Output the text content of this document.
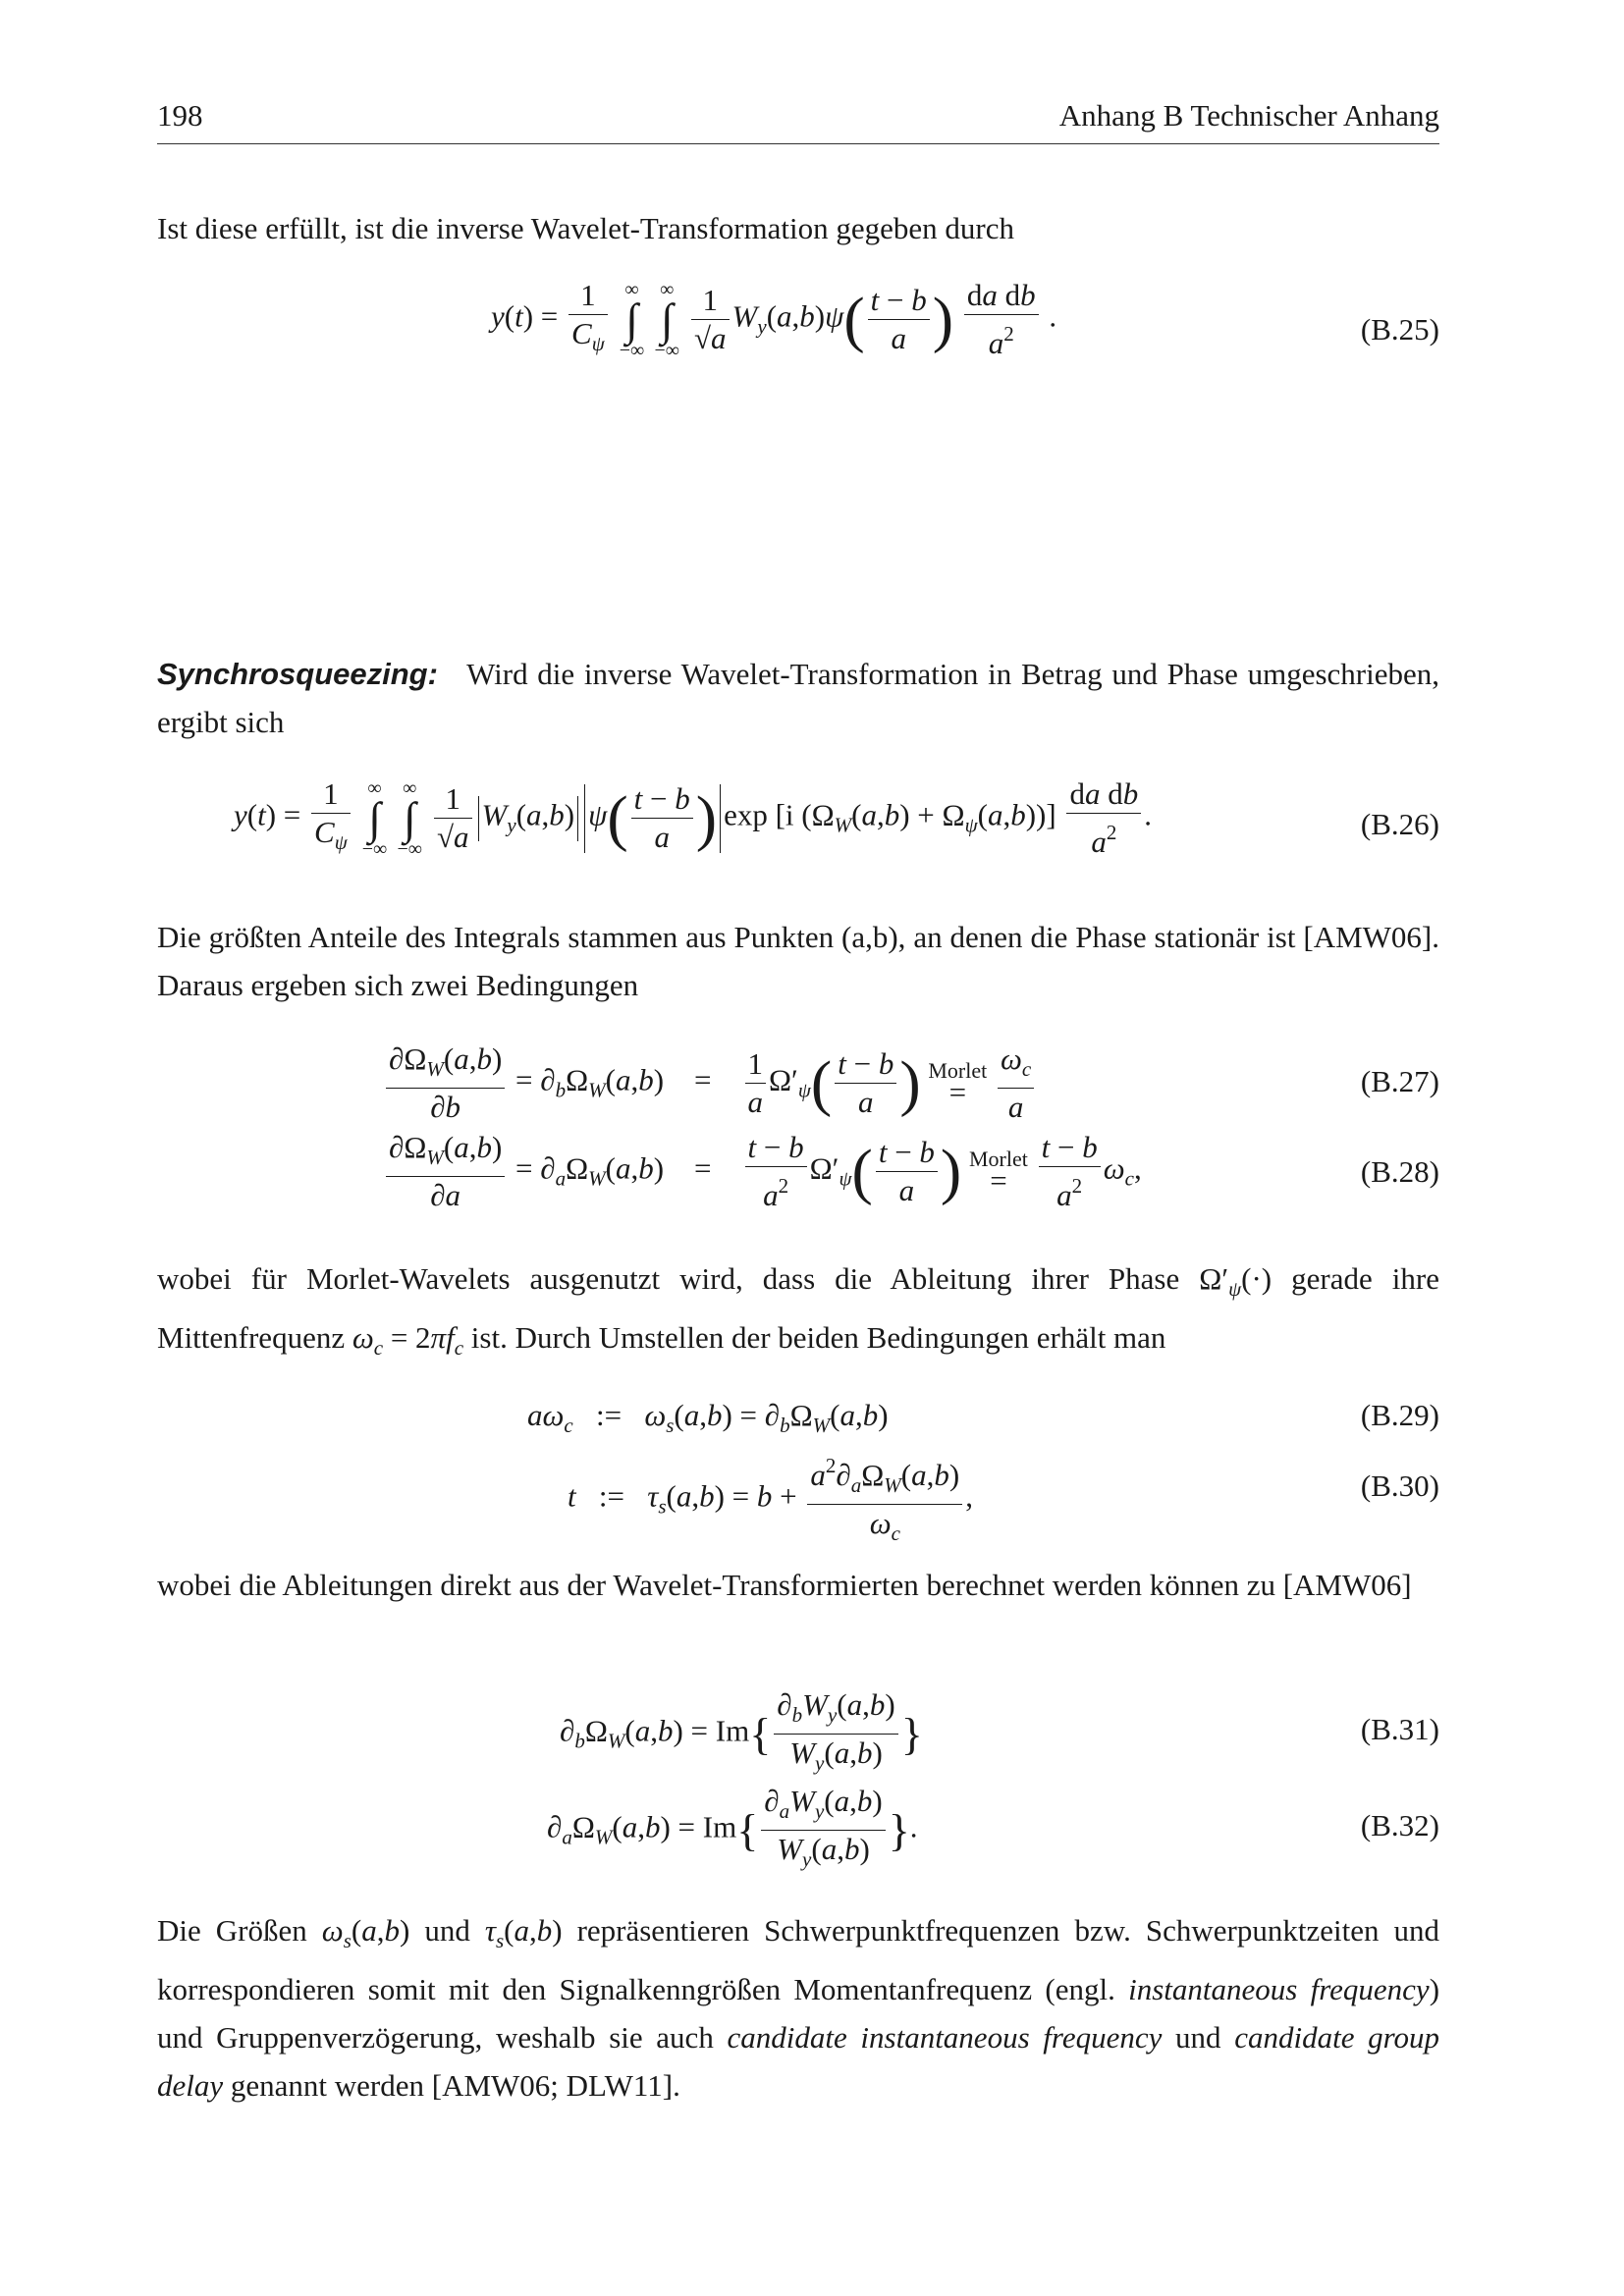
198	Anhang B Technischer Anhang
Ist diese erfüllt, ist die inverse Wavelet-Transformation gegeben durch
$y(t) = \frac{1}{C_\psi}$
∞
∫
−∞

∞
∫
−∞
$\frac{1}{√a} W_y(a,b)\psi( \frac{t - b}{a}$ ) $\frac{\text{da db}}{a^2}$ .	(B.25)

Synchrosqueezing: Wird die inverse Wavelet-Transformation in Betrag und Phase umgeschrieben, ergibt sich

$y(t) = \frac{1}{C_\psi}$
∞
∫
−∞

∞
∫
−∞
$\frac{1}{√a} W_y(a,b)$ $\psi( \frac{t - b}{a}$ ) exp [i $(\Omega_W(a,b) + \Omega_\psi(a,b))] \frac{\text{da db}}{a^2}$ .	(B.26)
Die größten Anteile des Integrals stammen aus Punkten (a,b), an denen die Phase stationär ist [AMW06]. Daraus ergeben sich zwei Bedingungen
$\frac{\partial\Omega_W(a,b)}{\partial b} = \partial_b\Omega_W(a,b)$    = $\frac{1}{a} \Omega'_\psi( \frac{t - b}{a}$ ) Morlet
=
	$\frac{\omega_c}{a}$	(B.27)
$\frac{\partial\Omega_W(a,b)}{\partial a} = \partial_a\Omega_W(a,b)$    = $\frac{t - b}{a^2} \Omega'_\psi( \frac{t - b}{a}$ ) Morlet
=
	$\frac{t - b}{a^2} \omega_c$,	(B.28)

wobei für Morlet-Wavelets ausgenutzt wird, dass die Ableitung ihrer Phase $\Omega'_\psi(\cdot)$ gerade ihre Mittenfrequenz $\omega_c = 2\pi f_c$ ist. Durch Umstellen der beiden Bedingungen erhält man

$a\omega_c$   :=   $\omega_s(a,b) = \partial_b\Omega_W(a,b)$	(B.29)
t   :=   $\tau_s(a,b) = b + \frac{a^2\partial_a\Omega_W(a,b)}{\omega_c}$ ,	(B.30)
wobei die Ableitungen direkt aus der Wavelet-Transformierten berechnet werden können zu [AMW06]
$\partial_b\Omega_W(a,b) = Im\{ \frac{\partial_bW_y(a,b)}{W_y(a,b)}$ }	(B.31)
$\partial_a\Omega_W(a,b) = Im\{ \frac{\partial_aW_y(a,b)}{W_y(a,b)}$ }.	(B.32)

Die Größen $\omega_s(a,b)$ und $\tau_s(a,b)$ repräsentieren Schwerpunktfrequenzen bzw. Schwerpunktzeiten und korrespondieren somit mit den Signalkenngrößen Momentanfrequenz (engl. instantaneous frequency) und Gruppenverzögerung, weshalb sie auch candidate instantaneous frequency und candidate group delay genannt werden [AMW06; DLW11].
